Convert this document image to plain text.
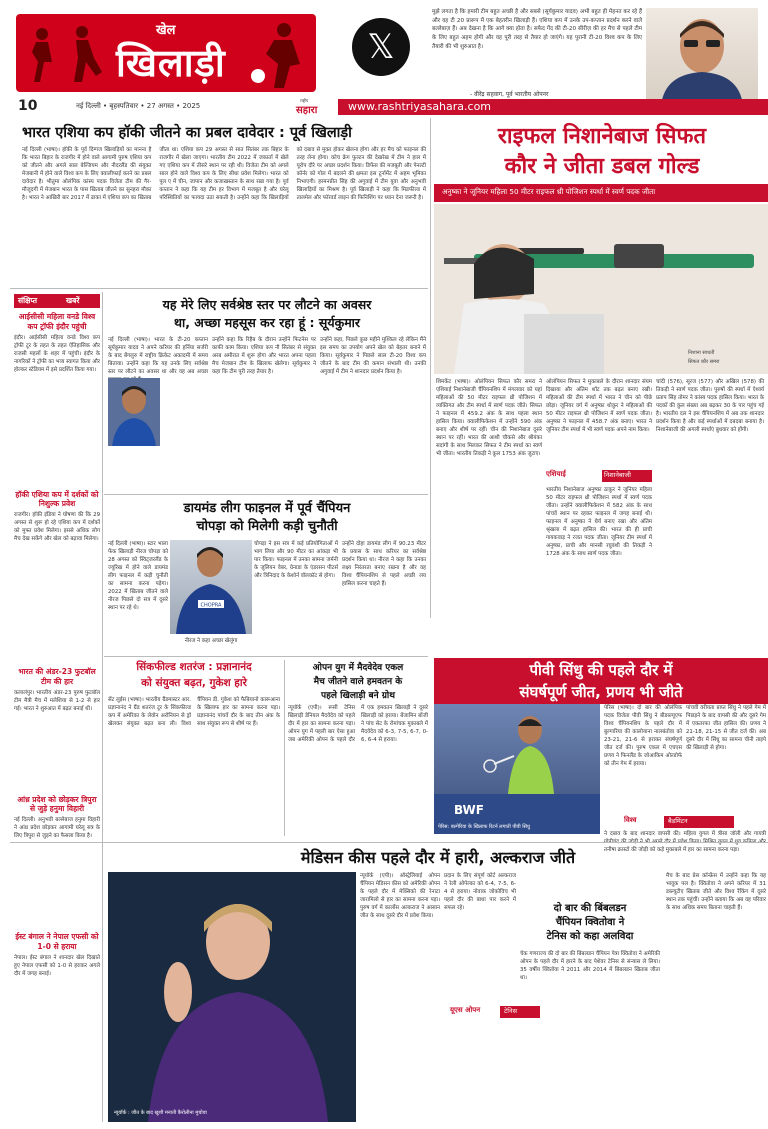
खेल
खिलाड़ी	𝕏
मुझे लगता है कि हमारी टीम बहुत अच्छी है और सबसे (सूर्यकुमार यादव) अभी बहुत ही मेहनत कर रहे हैं और वह टी 20 प्रारूप में एक बेहतरीन खिलाड़ी हैं। एशिया कप में उनके उप-कप्तान प्रदर्शन करने वाले बल्लेबाज़ हैं। अब देखना है कि आगे क्या होता है। सफेद गेंद की टी-20 सीरीज़ की हर मैच से पहले टीम के लिए बहुत अहम होगी और वह पूरी तरह से तैयार हो जाएंगे। यह पुरानी टी-20 विश्व कप के लिए तैयारी की भी शुरुआत है।
- वीरेंद्र सहवाग, पूर्व भारतीय ओपनर
10	नई दिल्ली • बृहस्पतिवार • 27 अगस्त • 2025
राष्ट्रीय
सहारा	www.rashtriyasahara.com
भारत एशिया कप हॉकी जीतने का प्रबल दावेदार : पूर्व खिलाड़ी
नई दिल्ली (भाषा)। हॉकी के पूर्व दिग्गज खिलाड़ियों का मानना है कि भारत बिहार के राजगीर में होने वाले आगामी पुरुष एशिया कप को जीतने और अगले साल बेल्जियम और नीदरलैंड की संयुक्त मेजबानी में होने वाले विश्व कप के लिए क्वालीफाई करने का प्रबल दावेदार है। भीतुमा ओलंपिक कांस्य पदक विजेता टीम की गैर-मौजूदगी में मेजबान भारत के पास खिताब जीतने का सुनहरा मौका है। भारत ने आखिरी बार 2017 में ढाका में एशिया कप का खिताब जीता था। एशिया कप 29 अगस्त से सात सितंबर तक बिहार के राजगीर में खेला जाएगा। भारतीय टीम 2022 में जकार्ता में खेले गए एशिया कप में तीसरे स्थान पर रही थी। विजेता टीम को अगले साल होने वाले विश्व कप के लिए सीधा प्रवेश मिलेगा। भारत को पूल ए में चीन, जापान और कजाखस्तान के साथ रखा गया है। पूर्व कप्तान ने कहा कि यह टीम हर विभाग में मजबूत है और घरेलू परिस्थितियों का फायदा उठा सकती है। उन्होंने कहा कि खिलाड़ियों को दबाव से मुक्त होकर खेलना होगा और हर मैच को फाइनल की तरह लेना होगा। कोच क्रेग फुल्टन की देखरेख में टीम ने हाल में यूरोप दौरे पर अच्छा प्रदर्शन किया। डिफेंस की मजबूती और पेनल्टी कॉर्नर को गोल में बदलने की क्षमता इस टूर्नामेंट में अहम भूमिका निभाएगी। हरमनप्रीत सिंह की अगुवाई में टीम युवा और अनुभवी खिलाड़ियों का मिश्रण है। पूर्व खिलाड़ी ने कहा कि मिडफील्ड में तालमेल और फॉरवर्ड लाइन की फिनिशिंग पर ध्यान देना जरूरी है।
राइफल निशानेबाज सिफत
कौर ने जीता डबल गोल्ड
अनुष्का ने जूनियर महिला 50 मीटर राइफल थ्री पोजिशन स्पर्धा में स्वर्ण पदक जीता
निशाना साधतीं
सिफत कौर समरा
शिमकेंट (भाषा)। ओलंपियन सिफत कौर समरा ने एशियाई निशानेबाजी चैंपियनशिप में मंगलवार को यहां महिलाओं की 50 मीटर राइफल थ्री पोजिशन में व्यक्तिगत और टीम स्पर्धा में स्वर्ण पदक जीते। सिफत ने फाइनल में 459.2 अंक के साथ पहला स्थान हासिल किया। क्वालीफिकेशन में उन्होंने 590 अंक बनाए और शीर्ष पर रहीं। चीन की निशानेबाज दूसरे स्थान पर रहीं। भारत की आशी चौकसे और श्रीयंका सदांगी के साथ मिलकर सिफत ने टीम स्पर्धा का स्वर्ण भी जीता। भारतीय तिकड़ी ने कुल 1753 अंक जुटाए।
ओलंपियन सिफत ने मुकाबले के दौरान शानदार संयम दिखाया और अंतिम शॉट तक बढ़त बनाए रखी। महिलाओं की टीम स्पर्धा में भारत ने चीन को पीछे छोड़ा। जूनियर वर्ग में अनुष्का थोकुर ने महिलाओं की 50 मीटर राइफल थ्री पोजिशन में स्वर्ण पदक जीता। अनुष्का ने फाइनल में 458.7 अंक बनाए। भारत ने जूनियर टीम स्पर्धा में भी स्वर्ण पदक अपने नाम किया।
एशियाई	निशानेबाजी
भारतीय निशानेबाज अनुष्का ठाकुर ने जूनियर महिला 50 मीटर राइफल थ्री पोजिशन स्पर्धा में स्वर्ण पदक जीता। उन्होंने क्वालीफिकेशन में 582 अंक के साथ पांचवें स्थान पर रहकर फाइनल में जगह बनाई थी। फाइनल में अनुष्का ने धैर्य बनाए रखा और अंतिम श्रृंखला में बढ़त हासिल की। भारत की ही प्राची गायकवाड़ ने रजत पदक जीता। जूनियर टीम स्पर्धा में अनुष्का, प्राची और मानसी रघुवंशी की तिकड़ी ने 1728 अंक के साथ स्वर्ण पदक जीता।
चांदी (576), सूरज (577) और अखिल (578) की तिकड़ी ने स्वर्ण पदक जीता। पुरुषों की स्पर्धा में ऐश्वर्य प्रताप सिंह तोमर ने कांस्य पदक हासिल किया। भारत के पदकों की कुल संख्या अब बढ़कर 30 के पार पहुंच गई है। भारतीय दल ने इस चैंपियनशिप में अब तक शानदार प्रदर्शन किया है और कई स्पर्धाओं में दबदबा बनाया है। निशानेबाजी की अगली स्पर्धाएं बुधवार को होंगी।
संक्षिप्त	खबरें
आईसीसी महिला वनडे विश्व कप ट्रॉफी इंदौर पहुंची
इंदौर। आईसीसी महिला वनडे विश्व कप ट्रॉफी टूर के तहत के तहत ऐतिहासिक और राजसी महलों के शहर में पहुंची। इंदौर के नागरिकों ने ट्रॉफी का भव्य स्वागत किया और होल्कर स्टेडियम में इसे प्रदर्शित किया गया।
हॉकी एशिया कप में दर्शकों को निशुल्क प्रवेश
राजगीर। हॉकी इंडिया ने घोषणा की कि 29 अगस्त से शुरू हो रहे एशिया कप में दर्शकों को मुफ्त प्रवेश मिलेगा। इससे अधिक लोग मैच देख सकेंगे और खेल को बढ़ावा मिलेगा।
भारत की अंडर-23 फुटबॉल टीम की हार
कलालंपुर। भारतीय अंडर-23 पुरुष फुटबॉल टीम मैत्री मैच में मलेशिया से 1-2 से हार गई। भारत ने शुरुआत में बढ़त बनाई थी।
आंध्र प्रदेश को छोड़कर त्रिपुरा से जुड़े हनुमा विहारी
नई दिल्ली। अनुभवी बल्लेबाज हनुमा विहारी ने आंध्र प्रदेश छोड़कर आगामी घरेलू सत्र के लिए त्रिपुरा से जुड़ने का फैसला किया है।
ईस्ट बंगाल ने नेपाल एफसी को 1-0 से हराया
नेपाल। ईस्ट बंगाल ने शानदार खेल दिखाते हुए नेपाल एफसी को 1-0 से हराकर अगले दौर में जगह बनाई।
यह मेरे लिए सर्वश्रेष्ठ स्तर पर लौटने का अवसर
था, अच्छा महसूस कर रहा हूं : सूर्यकुमार
नई दिल्ली (भाषा)। भारत के टी-20 कप्तान सूर्यकुमार यादव ने अपने करियर की हर्निया सर्जरी के बाद बेंगलुरु में राष्ट्रीय क्रिकेट अकादमी में समय बिताया। उन्होंने कहा कि यह उनके लिए सर्वश्रेष्ठ स्तर पर लौटने का अवसर था और वह अब अच्छा
उन्होंने कहा कि रिहैब के दौरान उन्होंने फिटनेस पर काफी काम किया। एशिया कप नौ सितंबर से संयुक्त अरब अमीरात में शुरू होगा और भारत अपना पहला मैच मेजबान टीम के खिलाफ खेलेगा। सूर्यकुमार ने कहा कि टीम पूरी तरह तैयार है।
उन्होंने कहा, पिछले कुछ महीने मुश्किल रहे लेकिन मैंने इस समय का उपयोग अपने खेल को बेहतर बनाने में किया। सूर्यकुमार ने पिछले साल टी-20 विश्व कप जीतने के बाद टीम की कमान संभाली थी। उनकी अगुवाई में टीम ने शानदार प्रदर्शन किया है।
डायमंड लीग फाइनल में पूर्व चैंपियन
चोपड़ा को मिलेगी कड़ी चुनौती
नई दिल्ली (भाषा)। स्टार भाला फेंक खिलाड़ी नीरज चोपड़ा को 28 अगस्त को स्विट्जरलैंड के ज्यूरिख में होने वाले डायमंड लीग फाइनल में कड़ी चुनौती का सामना करना पड़ेगा। 2022 में खिताब जीतने वाले नीरज पिछले दो सत्र में दूसरे स्थान पर रहे थे।	CHOPRA
नीरज ने कहा अच्छा खेलूंगा
चोपड़ा ने इस सत्र में कई प्रतियोगिताओं में भाग लिया और 90 मीटर का आंकड़ा भी पार किया। फाइनल में उनका सामना जर्मनी के जूलियन वेबर, ग्रेनाडा के एंडरसन पीटर्स और त्रिनिदाद के केशोर्न वॉलकॉट से होगा।
उन्होंने दोहा डायमंड लीग में 90.23 मीटर के प्रयास के साथ करियर का सर्वश्रेष्ठ प्रदर्शन किया था। नीरज ने कहा कि उनका लक्ष्य निरंतरता बनाए रखना है और वह विश्व चैंपियनशिप से पहले अच्छी लय हासिल करना चाहते हैं।
सिंकफील्ड शतरंज : प्रज्ञानानंद
को संयुक्त बढ़त, गुकेश हारे
सेंट लुईस (भाषा)। भारतीय ग्रैंडमास्टर आर. प्रज्ञानानंद ने ग्रैंड शतरंज टूर के सिंकफील्ड कप में अमेरिका के लेवोन अरोनियन से ड्रॉ खेलकर संयुक्त बढ़त बना ली। विश्व चैंपियन डी. गुकेश को फैबियानो कारूआना के खिलाफ हार का सामना करना पड़ा। प्रज्ञानानंद पांचवें दौर के बाद तीन अंक के साथ संयुक्त रूप से शीर्ष पर हैं।
ओपन युग में मैदवेदेव एकल
मैच जीतने वाले हमवतन के
पहले खिलाड़ी बने ग्रोथ
न्यूयॉर्क (एपी)। रूसी टेनिस खिलाड़ी डेनियल मैदवेदेव को पहले दौर में हार का सामना करना पड़ा। ओपन युग में पहली बार ऐसा हुआ जब अमेरिकी ओपन के पहले दौर में एक हमवतन खिलाड़ी ने दूसरे खिलाड़ी को हराया। बेंजामिन बोंजी ने पांच सेट के रोमांचक मुकाबले में मैदवेदेव को 6-3, 7-5, 6-7, 0-6, 6-4 से हराया।
पीवी सिंधु की पहले दौर में
संघर्षपूर्ण जीत, प्रणय भी जीते
BWF
पेरिस: बल्गेरिया के खिलाफ रिटर्न लगाती पीवी सिंधु
पेरिस (भाषा)। दो बार की ओलंपिक पदक विजेता पीवी सिंधु ने बीडब्ल्यूएफ विश्व चैंपियनशिप के पहले दौर में बुल्गारिया की कालोयाना नालबंतोवा को 23-21, 21-6 से हराकर संघर्षपूर्ण जीत दर्ज की। पुरुष एकल में एचएस प्रणय ने फिनलैंड के जोआकिम ओल्डोर्फ को तीन गेम में हराया।
विश्व	बैडमिंटन
पांचवीं वरीयता प्राप्त सिंधु ने पहले गेम में पिछड़ने के बाद वापसी की और दूसरे गेम में एकतरफा जीत हासिल की। प्रणय ने 21-18, 21-15 से जीत दर्ज की। अब दूसरे दौर में सिंधु का सामना चीनी ताइपे की खिलाड़ी से होगा।
ने दबाव के बाद शानदार वापसी की। महिला युगल में त्रीसा जॉली और गायत्री तनीषा क्रास्टो की जोड़ी को कड़े मुकाबले में हार का सामना करना पड़ा।
मेडिसन कीस पहले दौर में हारी, अल्कराज जीते
न्यूयॉर्क : जीत के बाद खुशी मनाती कैरोलीना मुचोवा
न्यूयॉर्क (एपी)। ऑस्ट्रेलियाई ओपन चैंपियन मेडिसन कीस को अमेरिकी ओपन के पहले दौर में मेक्सिको की रेनाटा जारामिलो से हार का सामना करना पड़ा। पुरुष वर्ग में कार्लोस अल्कराज ने आसान जीत के साथ दूसरे दौर में प्रवेश किया।
प्रदान के लिए संपूर्ण कोर्ट अल्कराज ने रेली ओपेल्का को 6-4, 7-5, 6-4 से हराया। नोवाक जोकोविच भी पहले दौर की बाधा पार करने में सफल रहे।
यूएस ओपन	टेनिस
दो बार की बिंबलडन
चैंपियन क्वितोवा ने
टेनिस को कहा अलविदा
चेक गणराज्य की दो बार की बिंबलडन चैंपियन पेत्रा क्वितोवा ने अमेरिकी ओपन के पहले दौर में हारने के बाद पेशेवर टेनिस से संन्यास ले लिया। 35 वर्षीय क्वितोवा ने 2011 और 2014 में बिंबलडन खिताब जीता था।
मैच के बाद प्रेस कॉन्फ्रेंस में उन्होंने कहा कि यह भावुक पल है। क्वितोवा ने अपने करियर में 31 डब्ल्यूटीए खिताब जीते और विश्व रैंकिंग में दूसरे स्थान तक पहुंचीं। उन्होंने बताया कि अब वह परिवार के साथ अधिक समय बिताना चाहती हैं।
